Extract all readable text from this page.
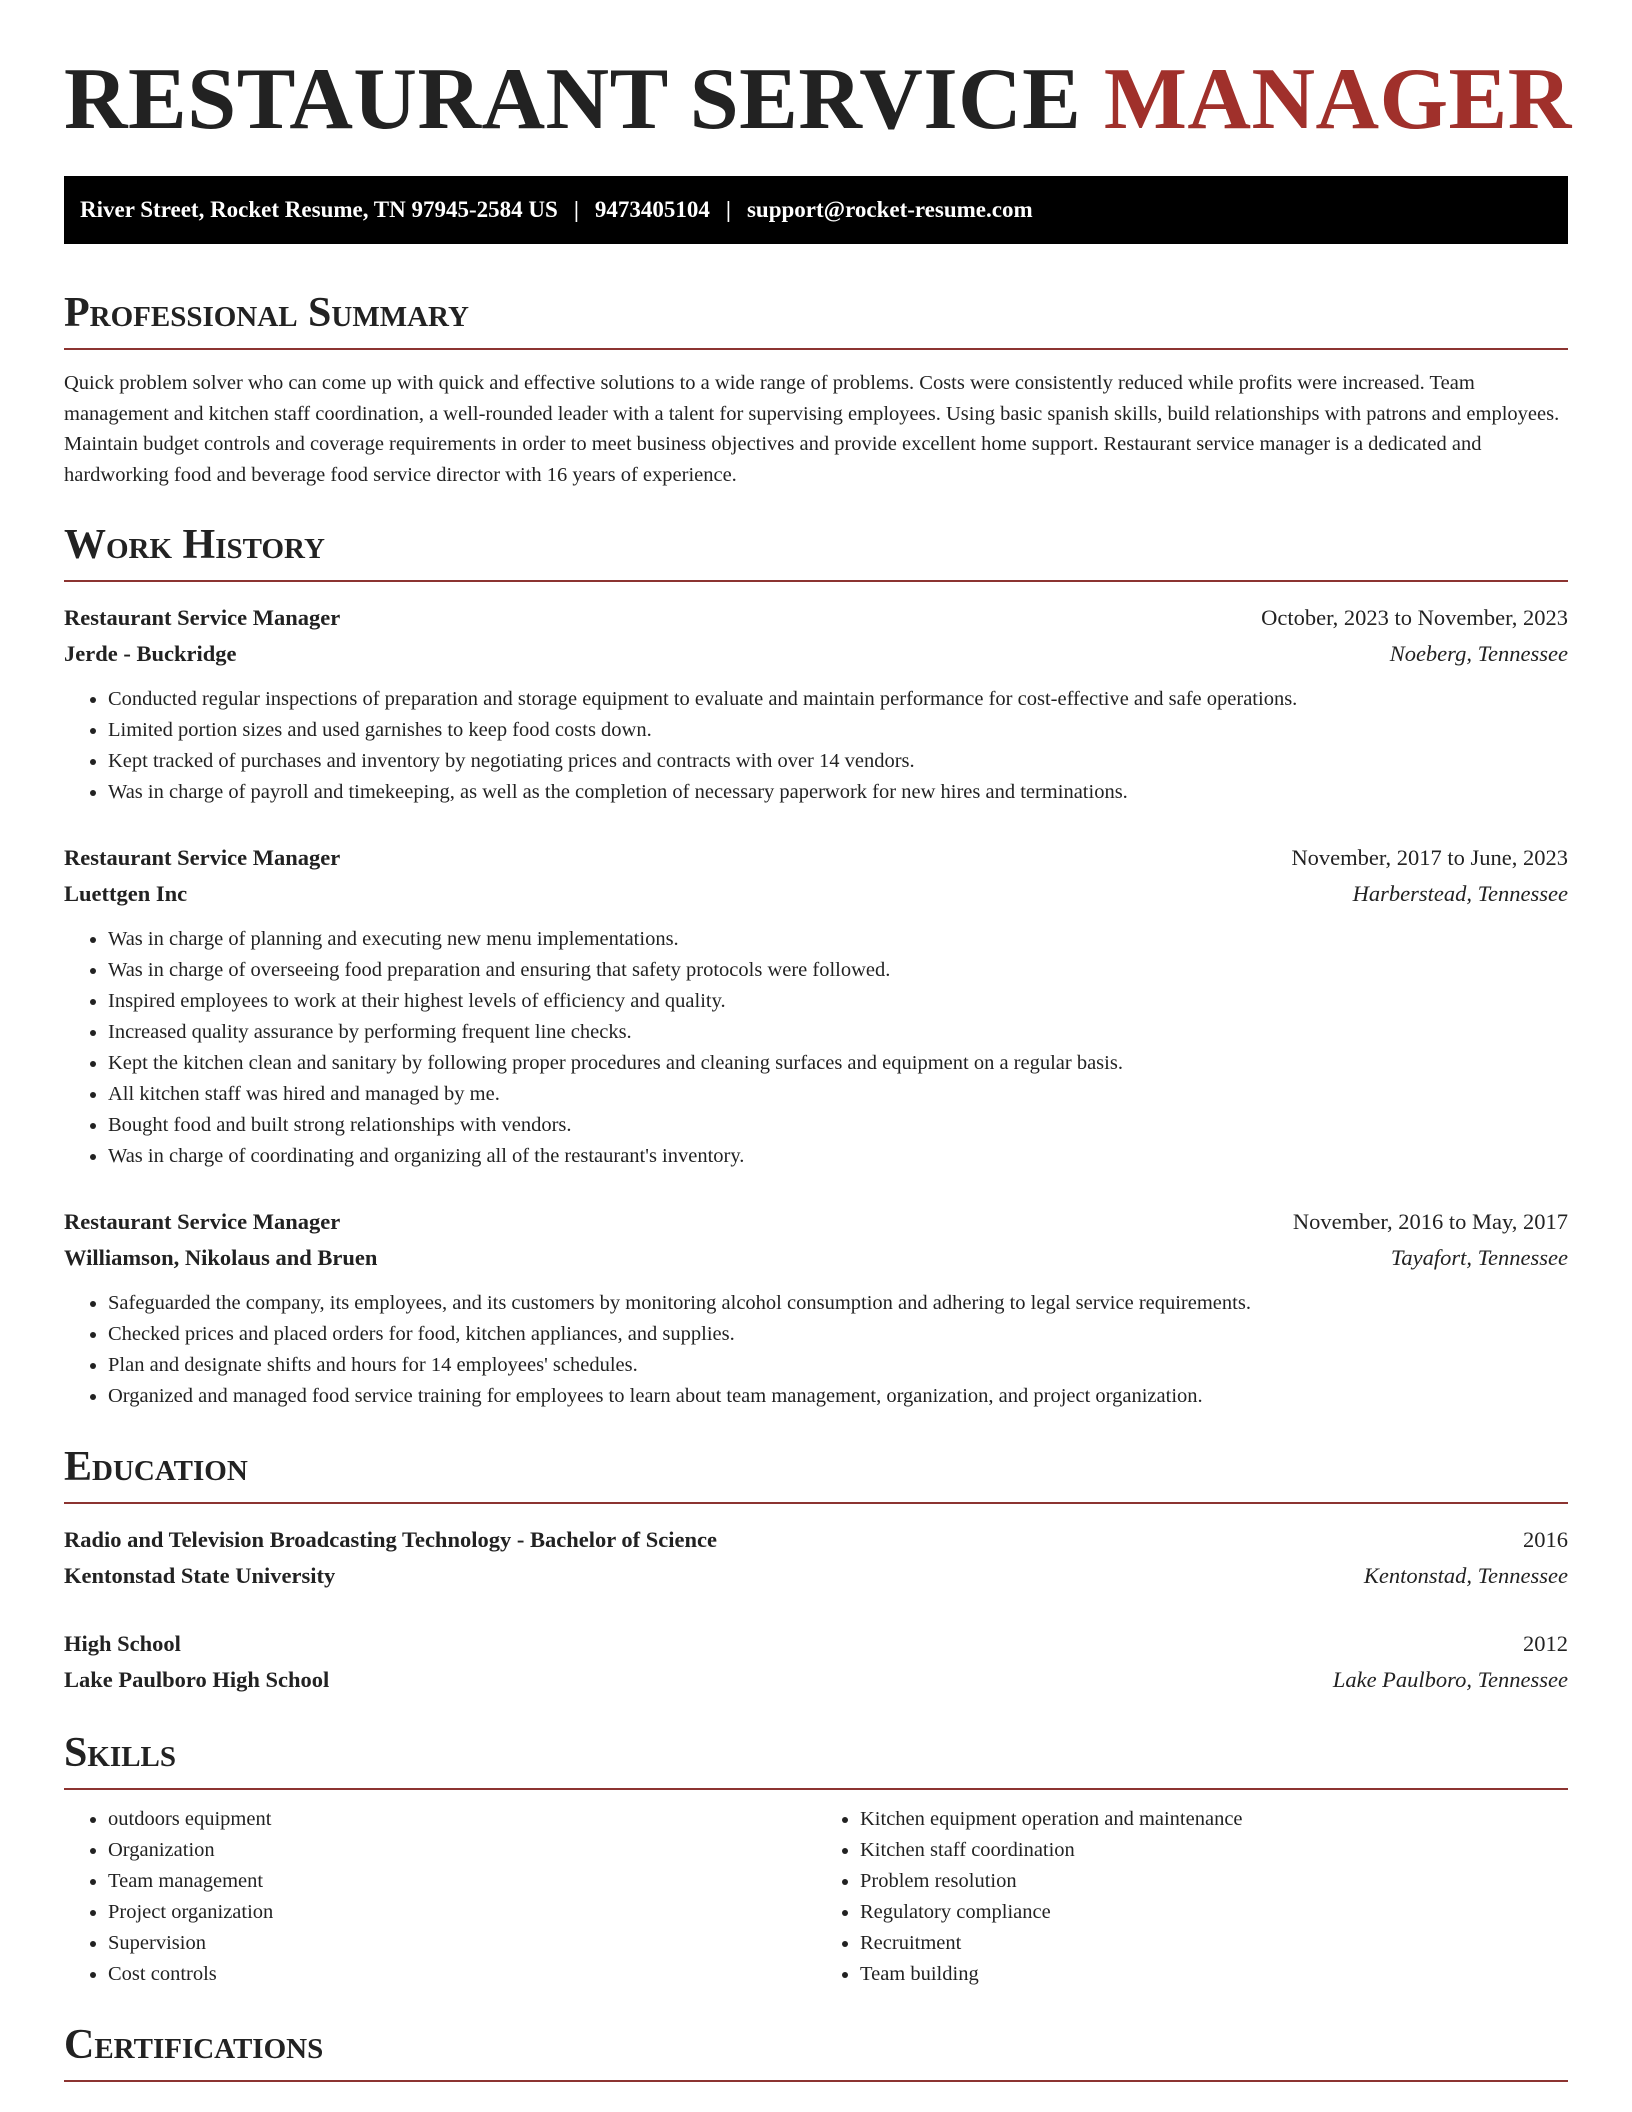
RESTAURANT SERVICE MANAGER
River Street, Rocket Resume, TN 97945-2584 US | 9473405104 | support@rocket-resume.com
Professional Summary

Quick problem solver who can come up with quick and effective solutions to a wide range of problems. Costs were consistently reduced while profits were increased. Team management and kitchen staff coordination, a well-rounded leader with a talent for supervising employees. Using basic spanish skills, build relationships with patrons and employees. Maintain budget controls and coverage requirements in order to meet business objectives and provide excellent home support. Restaurant service manager is a dedicated and hardworking food and beverage food service director with 16 years of experience.

Work History
Restaurant Service Manager	October, 2023 to November, 2023
Jerde - Buckridge	Noeberg, Tennessee
• Conducted regular inspections of preparation and storage equipment to evaluate and maintain performance for cost-effective and safe operations.
• Limited portion sizes and used garnishes to keep food costs down.
• Kept tracked of purchases and inventory by negotiating prices and contracts with over 14 vendors.
• Was in charge of payroll and timekeeping, as well as the completion of necessary paperwork for new hires and terminations.
Restaurant Service Manager	November, 2017 to June, 2023
Luettgen Inc	Harberstead, Tennessee
• Was in charge of planning and executing new menu implementations.
• Was in charge of overseeing food preparation and ensuring that safety protocols were followed.
• Inspired employees to work at their highest levels of efficiency and quality.
• Increased quality assurance by performing frequent line checks.
• Kept the kitchen clean and sanitary by following proper procedures and cleaning surfaces and equipment on a regular basis.
• All kitchen staff was hired and managed by me.
• Bought food and built strong relationships with vendors.
• Was in charge of coordinating and organizing all of the restaurant's inventory.
Restaurant Service Manager	November, 2016 to May, 2017
Williamson, Nikolaus and Bruen	Tayafort, Tennessee
• Safeguarded the company, its employees, and its customers by monitoring alcohol consumption and adhering to legal service requirements.
• Checked prices and placed orders for food, kitchen appliances, and supplies.
• Plan and designate shifts and hours for 14 employees' schedules.
• Organized and managed food service training for employees to learn about team management, organization, and project organization.
Education
Radio and Television Broadcasting Technology - Bachelor of Science	2016
Kentonstad State University	Kentonstad, Tennessee
High School	2012
Lake Paulboro High School	Lake Paulboro, Tennessee
Skills
• outdoors equipment
• Organization
• Team management
• Project organization
• Supervision
• Cost controls
• Kitchen equipment operation and maintenance
• Kitchen staff coordination
• Problem resolution
• Regulatory compliance
• Recruitment
• Team building
Certifications
